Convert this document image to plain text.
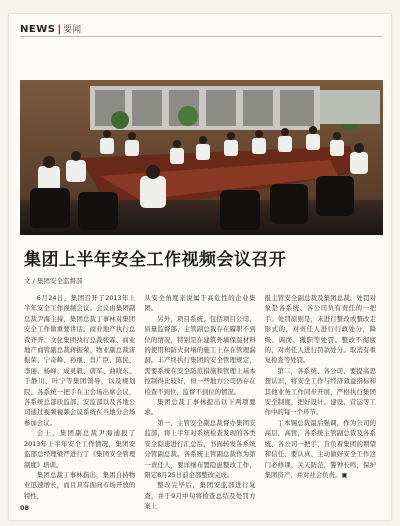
NEWS | 要闻
集团上半年安全工作视频会议召开
文 / 集团安全监督部

6月24日，集团召开了2013年上半年安全工作视频会议。会议由集团副总裁尹海主持，集团总裁丁事林对集团安全工作做重要讲话。商业地产执行总裁齐齐、文化集团执行总裁张霖、商业地产商管副总裁蒋振荣、物业副总裁唐振荣、宁奇峰、孙继、肖广臣、陈民、李丽、杨峰、成灵毅、唐军、曲晓东、于静川、叶宁等集团领导，以及规划院、各系统一把手在主会场出席会议，各系统总部质监部、安监部以及各地公司通过视频视频会议系统在当地分会场参加会议。

会上，集团副总裁尹海通报了2013年上半年安全工作情况，集团安监部总经理梁严进行了《集团安全管理制度》培训。

集团总裁丁事林指出，集团自持物业迅速增长，而且具有面向市场开放的特性，

从安全角度来说属于高危性的企业集团。

另外，项目系统，包括项目公司、质量监督部、主管副总裁存在履职不到位的情况，特别是在建筑外墙保温材料的使用和防火封堵的施工上存在管理漏洞。丰产终执行集团的安全管理规定，需要系统在安全防范措施和管理上基本控制得比较好，但一些地方公司仍存在检查不到位、监督不到位的情况。

集团总裁丁事林提出以下两项要求。

第一，主管安全副总裁督办集团安监部，将上半年对系统检查发现的各类安全隐患进行汇总后，书面转发各系统分管副总裁。各系统主管副总裁作为第一责任人，要详细布置隐患整改工作，限定8月25日前全部整改完成。

整改完毕后，集团安监部进行复查，并于9月中旬将检查总结及处罚方案上

报主管安全副总裁及集团总裁。处罚对象是各系统、各公司负有责任的一把手。处罚原则是，未进行整改或整改走形式的，对责任人进行行政处分，降级、调岗、撤职等处罚。整改不彻底的，对责任人进行罚款处分。取消有重复检查等处罚。

第二，各系统、各公司，要提高思想认识，将安全工作与经济效益指标和其他业务工作同步开展，严格执行集团安全制度，把好设计、建设、营运等工作中的每一个环节。

丁本锡总裁最后强调，作为公司的高层，高管，各系统主管副总裁及各系统、各公司一把手，肯负着集团的期望和信任，要认真、主动做好安全工作这门必修课，关天防范，警钟长鸣，保护集团资产，并对社会负责。▣

08
